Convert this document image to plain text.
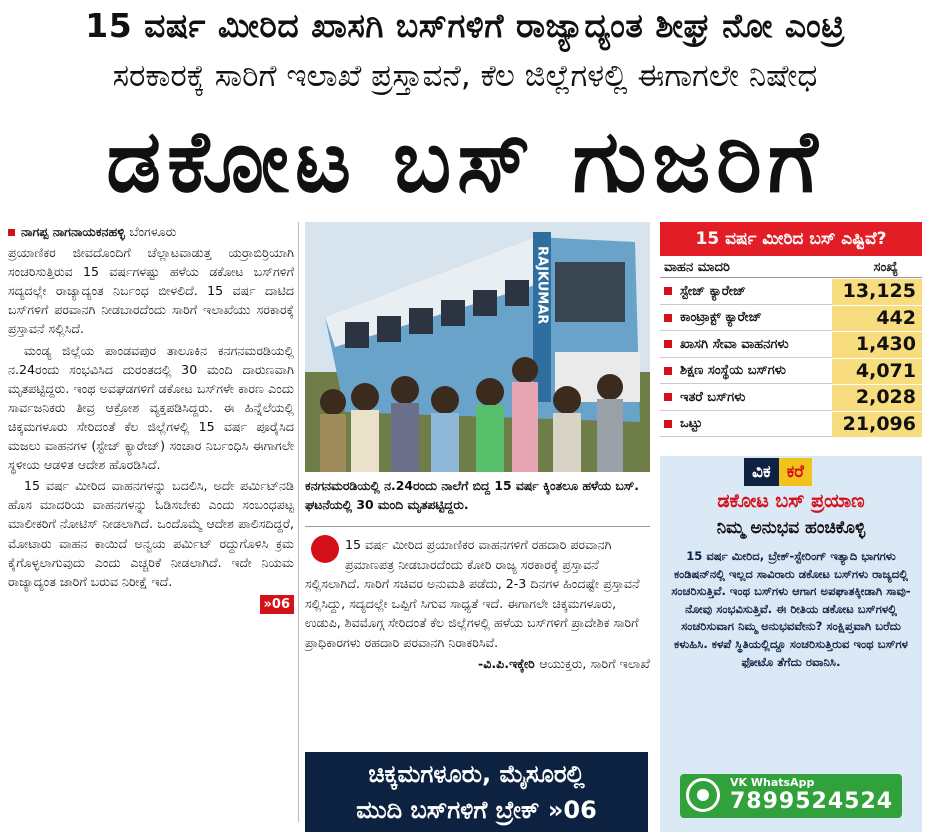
15 ವರ್ಷ ಮೀರಿದ ಖಾಸಗಿ ಬಸ್‌ಗಳಿಗೆ ರಾಜ್ಯಾದ್ಯಂತ ಶೀಘ್ರ ನೋ ಎಂಟ್ರಿ
ಸರಕಾರಕ್ಕೆ ಸಾರಿಗೆ ಇಲಾಖೆ ಪ್ರಸ್ತಾವನೆ, ಕೆಲ ಜಿಲ್ಲೆಗಳಲ್ಲಿ ಈಗಾಗಲೇ ನಿಷೇಧ
ಡಕೋಟ ಬಸ್ ಗುಜರಿಗೆ
ನಾಗಪ್ಪ ನಾಗನಾಯಕನಹಳ್ಳಿ ಬೆಂಗಳೂರು

ಪ್ರಯಾಣಿಕರ ಜೀವದೊಂದಿಗೆ ಚೆಲ್ಲಾಟವಾಡುತ್ತ ಯರ್ರಾಬಿರ್ರಿಯಾಗಿ ಸಂಚರಿಸುತ್ತಿರುವ 15 ವರ್ಷಗಳಷ್ಟು ಹಳೆಯ ಡಕೋಟ ಬಸ್‌ಗಳಿಗೆ ಸದ್ಯದಲ್ಲೇ ರಾಜ್ಯಾದ್ಯಂತ ನಿರ್ಬಂಧ ಬೀಳಲಿದೆ. 15 ವರ್ಷ ದಾಟಿದ ಬಸ್‌ಗಳಿಗೆ ಪರವಾನಗಿ ನೀಡಬಾರದೆಂದು ಸಾರಿಗೆ ಇಲಾಖೆಯು ಸರಕಾರಕ್ಕೆ ಪ್ರಸ್ತಾವನೆ ಸಲ್ಲಿಸಿದೆ.

ಮಂಡ್ಯ ಜಿಲ್ಲೆಯ ಪಾಂಡವಪುರ ತಾಲೂಕಿನ ಕನಗನಮರಡಿಯಲ್ಲಿ ನ.24ರಂದು ಸಂಭವಿಸಿದ ದುರಂತದಲ್ಲಿ 30 ಮಂದಿ ದಾರುಣವಾಗಿ ಮೃತಪಟ್ಟಿದ್ದರು. ಇಂಥ ಅವಘಡಗಳಿಗೆ ಡಕೋಟ ಬಸ್‌ಗಳೇ ಕಾರಣ ಎಂದು ಸಾರ್ವಜನಿಕರು ತೀವ್ರ ಆಕ್ರೋಶ ವ್ಯಕ್ತಪಡಿಸಿದ್ದರು. ಈ ಹಿನ್ನೆಲೆಯಲ್ಲಿ ಚಿಕ್ಕಮಗಳೂರು ಸೇರಿದಂತೆ ಕೆಲ ಜಿಲ್ಲೆಗಳಲ್ಲಿ 15 ವರ್ಷ ಪೂರೈಸಿದ ಮಜಲು ವಾಹನಗಳ (ಸ್ಟೇಜ್ ಕ್ಯಾರೇಜ್) ಸಂಚಾರ ನಿರ್ಬಂಧಿಸಿ ಈಗಾಗಲೇ ಸ್ಥಳೀಯ ಆಡಳಿತ ಆದೇಶ ಹೊರಡಿಸಿದೆ.

15 ವರ್ಷ ಮೀರಿದ ವಾಹನಗಳನ್ನು ಬದಲಿಸಿ, ಅದೇ ಪರ್ಮಿಟ್‌ನಡಿ ಹೊಸ ಮಾದರಿಯ ವಾಹನಗಳನ್ನು ಓಡಿಸಬೇಕು ಎಂದು ಸಂಬಂಧಪಟ್ಟ ಮಾಲೀಕರಿಗೆ ನೋಟಿಸ್ ನೀಡಲಾಗಿದೆ. ಒಂದೊಮ್ಮೆ ಆದೇಶ ಪಾಲಿಸದಿದ್ದರೆ, ಮೋಟಾರು ವಾಹನ ಕಾಯಿದೆ ಅನ್ವಯ ಪರ್ಮಿಟ್ ರದ್ದುಗೊಳಿಸಿ ಕ್ರಮ ಕೈಗೊಳ್ಳಲಾಗುವುದು ಎಂದು ಎಚ್ಚರಿಕೆ ನೀಡಲಾಗಿದೆ. ಇದೇ ನಿಯಮ ರಾಜ್ಯಾದ್ಯಂತ ಜಾರಿಗೆ ಬರುವ ನಿರೀಕ್ಷೆ ಇದೆ.

»06
RAJKUMAR
ಕನಗನಮರಡಿಯಲ್ಲಿ ನ.24ರಂದು ನಾಲೆಗೆ ಬಿದ್ದ 15 ವರ್ಷ ಕ್ಕಿಂತಲೂ ಹಳೆಯ ಬಸ್. ಘಟನೆಯಲ್ಲಿ 30 ಮಂದಿ ಮೃತಪಟ್ಟಿದ್ದರು.
15 ವರ್ಷ ಮೀರಿದ ಪ್ರಯಾಣಿಕರ ವಾಹನಗಳಿಗೆ ರಹದಾರಿ ಪರವಾನಗಿ ಪ್ರಮಾಣಪತ್ರ ನೀಡಬಾರದೆಂದು ಕೋರಿ ರಾಜ್ಯ ಸರಕಾರಕ್ಕೆ ಪ್ರಸ್ತಾವನೆ ಸಲ್ಲಿಸಲಾಗಿದೆ. ಸಾರಿಗೆ ಸಚಿವರ ಅನುಮತಿ ಪಡೆದು, 2-3 ದಿನಗಳ ಹಿಂದಷ್ಟೇ ಪ್ರಸ್ತಾವನೆ ಸಲ್ಲಿಸಿದ್ದು, ಸದ್ಯದಲ್ಲೇ ಒಪ್ಪಿಗೆ ಸಿಗುವ ಸಾಧ್ಯತೆ ಇದೆ. ಈಗಾಗಲೇ ಚಿಕ್ಕಮಗಳೂರು, ಉಡುಪಿ, ಶಿವಮೊಗ್ಗ ಸೇರಿದಂತೆ ಕೆಲ ಜಿಲ್ಲೆಗಳಲ್ಲಿ ಹಳೆಯ ಬಸ್‌ಗಳಿಗೆ ಪ್ರಾದೇಶಿಕ ಸಾರಿಗೆ ಪ್ರಾಧಿಕಾರಗಳು ರಹದಾರಿ ಪರವಾನಗಿ ನಿರಾಕರಿಸಿವೆ.
-ವಿ.ಪಿ.ಇಕ್ಕೇರಿ ಆಯುಕ್ತರು, ಸಾರಿಗೆ ಇಲಾಖೆ
ಚಿಕ್ಕಮಗಳೂರು, ಮೈಸೂರಲ್ಲಿ
ಮುದಿ ಬಸ್‌ಗಳಿಗೆ ಬ್ರೇಕ್ »06
15 ವರ್ಷ ಮೀರಿದ ಬಸ್ ಎಷ್ಟಿವೆ?
ವಾಹನ ಮಾದರಿ	ಸಂಖ್ಯೆ
ಸ್ಟೇಜ್ ಕ್ಯಾರೇಜ್	13,125
ಕಾಂಟ್ರಾಕ್ಟ್ ಕ್ಯಾರೇಜ್	442
ಖಾಸಗಿ ಸೇವಾ ವಾಹನಗಳು	1,430
ಶಿಕ್ಷಣ ಸಂಸ್ಥೆಯ ಬಸ್‌ಗಳು	4,071
ಇತರೆ ಬಸ್‌ಗಳು	2,028
ಒಟ್ಟು	21,096
ವಿಕ ಕರೆ
ಡಕೋಟ ಬಸ್ ಪ್ರಯಾಣ
ನಿಮ್ಮ ಅನುಭವ ಹಂಚಿಕೊಳ್ಳಿ
15 ವರ್ಷ ಮೀರಿದ, ಬ್ರೇಕ್-ಸ್ಟೇರಿಂಗ್ ಇತ್ಯಾದಿ ಭಾಗಗಳು ಕಂಡಿಷನ್‌ನಲ್ಲಿ ಇಲ್ಲದ ಸಾವಿರಾರು ಡಕೋಟ ಬಸ್‌ಗಳು ರಾಜ್ಯದಲ್ಲಿ ಸಂಚರಿಸುತ್ತಿವೆ. ಇಂಥ ಬಸ್‌ಗಳು ಆಗಾಗ ಅಪಘಾತಕ್ಕೀಡಾಗಿ ಸಾವು-ನೋವು ಸಂಭವಿಸುತ್ತಿವೆ. ಈ ರೀತಿಯ ಡಕೋಟ ಬಸ್‌ಗಳಲ್ಲಿ ಸಂಚರಿಸುವಾಗ ನಿಮ್ಮ ಅನುಭವವೇನು? ಸಂಕ್ಷಿಪ್ತವಾಗಿ ಬರೆದು ಕಳುಹಿಸಿ. ಕಳಪೆ ಸ್ಥಿತಿಯಲ್ಲಿದ್ದೂ ಸಂಚರಿಸುತ್ತಿರುವ ಇಂಥ ಬಸ್‌ಗಳ ಫೋಟೊ ತೆಗೆದು ರವಾನಿಸಿ.
VK WhatsApp
7899524524
